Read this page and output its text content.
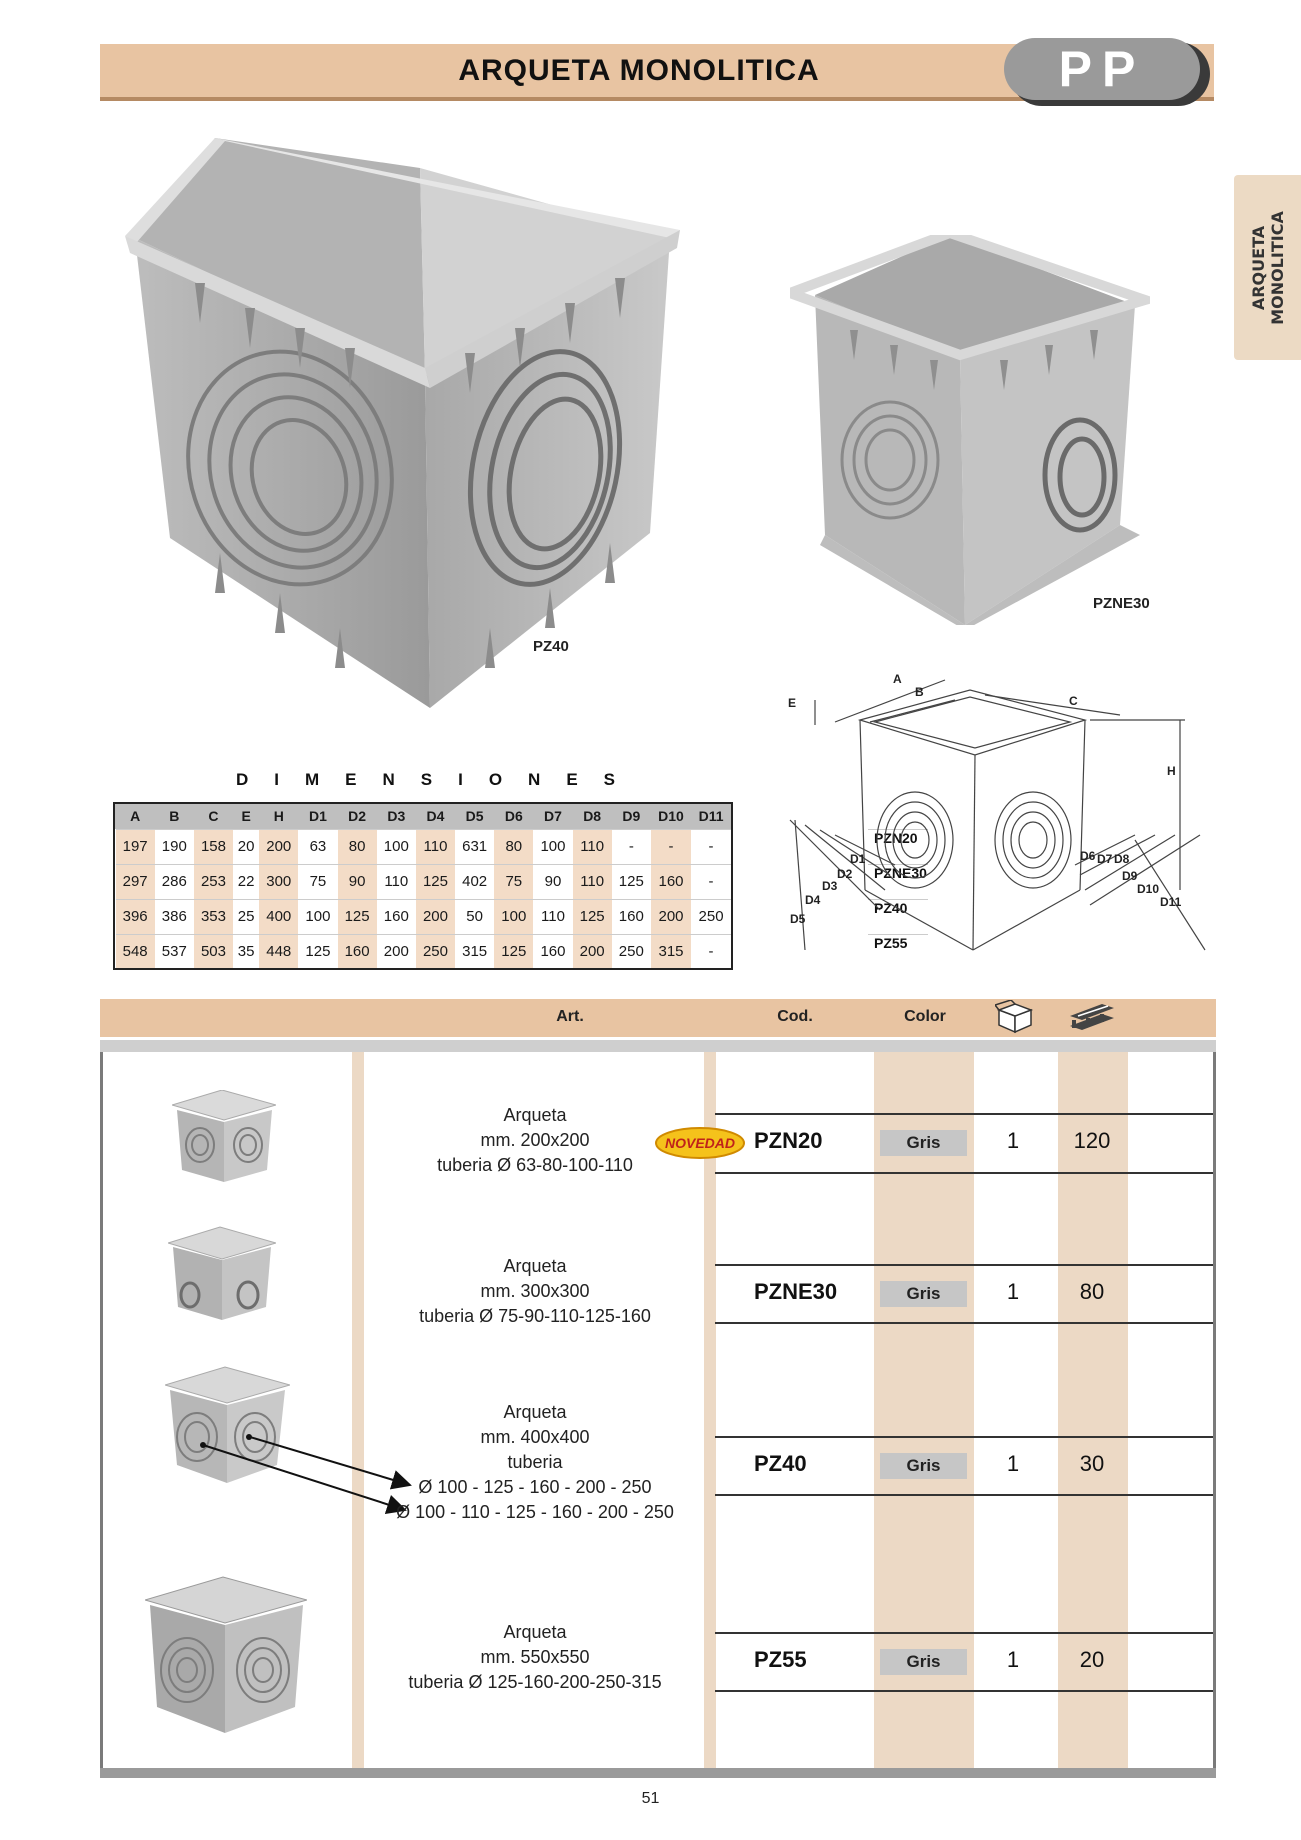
ARQUETA MONOLITICA	PP
ARQUETA MONOLITICA
PZ40
PZNE30
DIMENSIONES
	A	B	C	E	H	D1	D2	D3	D4	D5	D6	D7	D8	D9	D10	D11

PZN20
197	190	158	20	200	63	80	100	110	631	80	100	110	-	-	-

PZNE30
297	286	253	22	300	75	90	110	125	402	75	90	110	125	160	-

PZ40
396	386	353	25	400	100	125	160	200	50	100	110	125	160	200	250

PZ55
548	537	503	35	448	125	160	200	250	315	125	160	200	250	315	-
A
B
C
E
H
D1
D2
D3
D4
D5
D6 D7 D8
D9
D10
D11
Art.	Cod.	Color
Arqueta
mm. 200x200
tuberia Ø 63-80-100-110
NOVEDAD PZN20	Gris	1	120
Arqueta
mm. 300x300
tuberia Ø 75-90-110-125-160
PZNE30	Gris	1	80
Arqueta
mm. 400x400
tuberia
Ø 100 - 125 - 160 - 200 - 250
Ø 100 - 110 - 125 - 160 - 200 - 250
PZ40	Gris	1	30
Arqueta
mm. 550x550
tuberia Ø 125-160-200-250-315
PZ55	Gris	1	20
51
